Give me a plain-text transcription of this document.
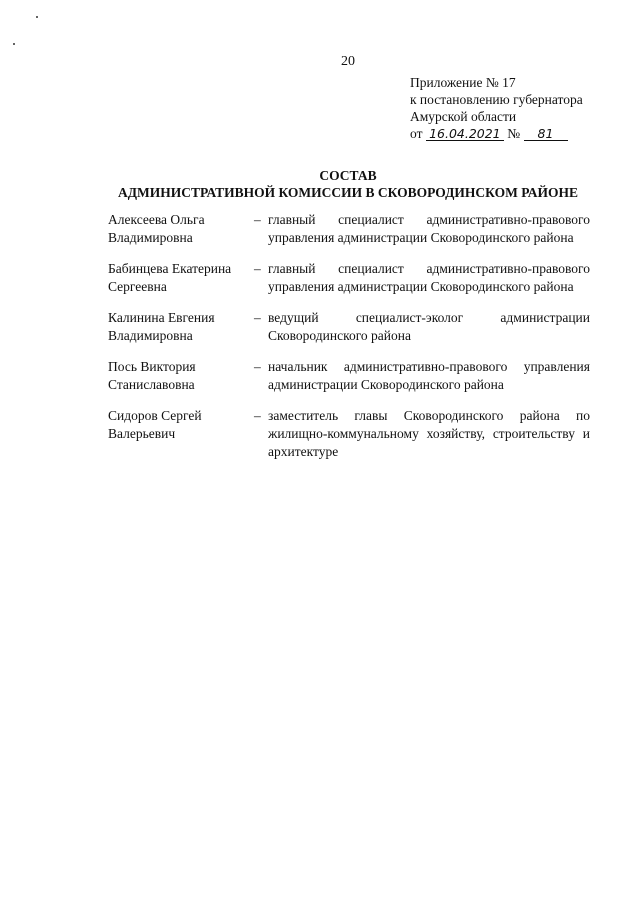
20
Приложение № 17
к постановлению губернатора
Амурской области
от 16.04.2021 № 81
СОСТАВ
АДМИНИСТРАТИВНОЙ КОМИССИИ В СКОВОРОДИНСКОМ РАЙОНЕ
Алексеева Ольга
Владимировна
– главный специалист административно-правового управления администрации Сковородинского района
Бабинцева Екатерина
Сергеевна
– главный специалист административно-правового управления администрации Сковородинского района
Калинина Евгения
Владимировна
– ведущий специалист-эколог администрации Сковородинского района
Пось Виктория
Станиславовна
– начальник административно-правового управления администрации Сковородинского района
Сидоров Сергей
Валерьевич
– заместитель главы Сковородинского района по жилищно-коммунальному хозяйству, строительству и архитектуре
